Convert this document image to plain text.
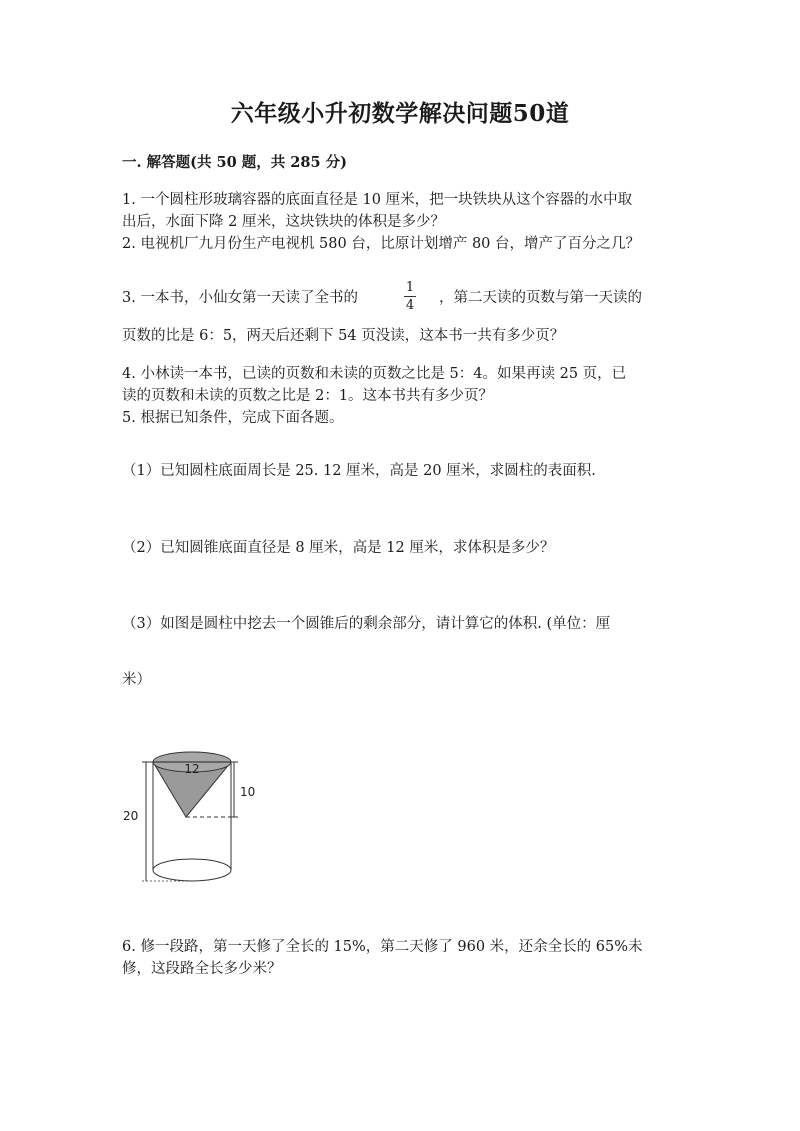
六年级小升初数学解决问题50道
一. 解答题(共 50 题，共 285 分)
1. 一个圆柱形玻璃容器的底面直径是 10 厘米，把一块铁块从这个容器的水中取
出后，水面下降 2 厘米，这块铁块的体积是多少？
2. 电视机厂九月份生产电视机 580 台，比原计划增产 80 台，增产了百分之几？
3. 一本书，小仙女第一天读了全书的
1
4 ，第二天读的页数与第一天读的
页数的比是 6：5，两天后还剩下 54 页没读，这本书一共有多少页？
4. 小林读一本书，已读的页数和未读的页数之比是 5：4。如果再读 25 页，已
读的页数和未读的页数之比是 2：1。这本书共有多少页？
5. 根据已知条件，完成下面各题。
（1）已知圆柱底面周长是 25. 12 厘米，高是 20 厘米，求圆柱的表面积.
（2）已知圆锥底面直径是 8 厘米，高是 12 厘米，求体积是多少？
（3）如图是圆柱中挖去一个圆锥后的剩余部分，请计算它的体积. (单位：厘
米）
12
10
20
6. 修一段路，第一天修了全长的 15%，第二天修了 960 米，还余全长的 65%未
修，这段路全长多少米？
